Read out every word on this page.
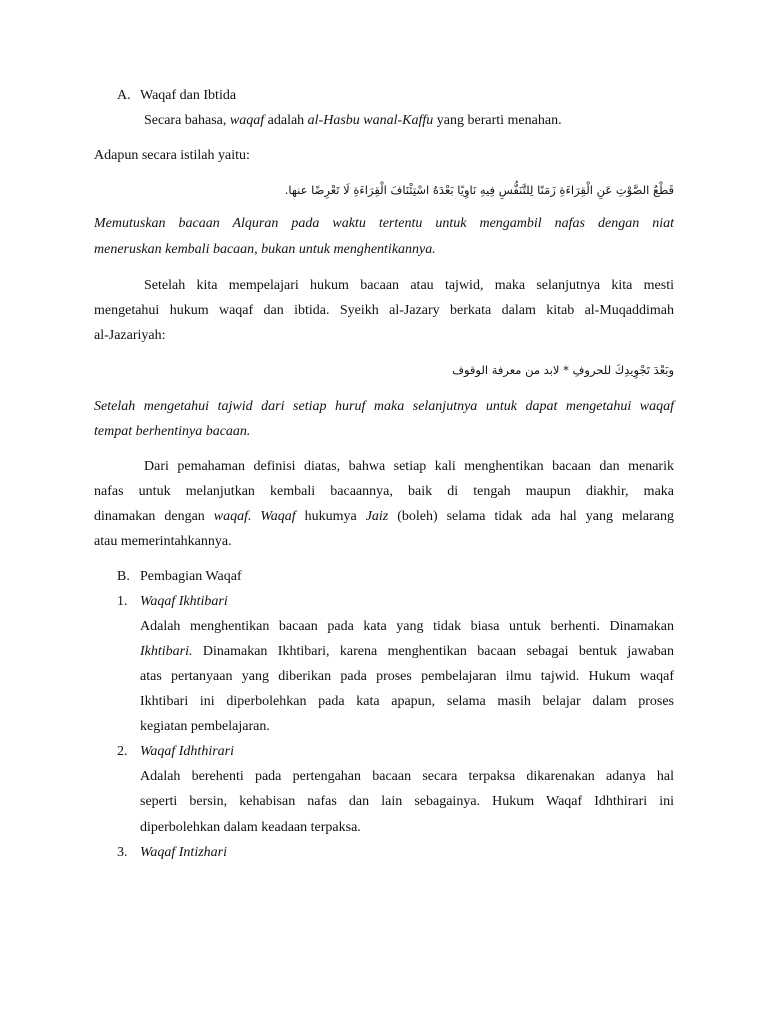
A. Waqaf dan Ibtida
Secara bahasa, waqaf adalah al-Hasbu wanal-Kaffu yang berarti menahan.
Adapun secara istilah yaitu:
قَطْعُ الصَّوْتِ عَنِ الْقِرَاءَةِ زَمَنًا لِلتَّنَفُّسِ فِيهِ نَاوِيًا بَعْدَهُ اسْتِئْنَافَ الْقِرَاءَةِ لَا تَعْرِضًا عنها.
Memutuskan bacaan Alquran pada waktu tertentu untuk mengambil nafas dengan niat
meneruskan kembali bacaan, bukan untuk menghentikannya.
Setelah kita mempelajari hukum bacaan atau tajwid, maka selanjutnya kita mesti
mengetahui hukum waqaf dan ibtida. Syeikh al-Jazary berkata dalam kitab al-Muqaddimah
al-Jazariyah:
وبَعْدَ تَجْوِيدِكَ للحروفِ * لابد من معرفة الوقوف
Setelah mengetahui tajwid dari setiap huruf maka selanjutnya untuk dapat mengetahui waqaf
tempat berhentinya bacaan.
Dari pemahaman definisi diatas, bahwa setiap kali menghentikan bacaan dan menarik
nafas untuk melanjutkan kembali bacaannya, baik di tengah maupun diakhir, maka
dinamakan dengan waqaf. Waqaf hukumya Jaiz (boleh) selama tidak ada hal yang melarang
atau memerintahkannya.
B. Pembagian Waqaf
1. Waqaf Ikhtibari
Adalah menghentikan bacaan pada kata yang tidak biasa untuk berhenti. Dinamakan
Ikhtibari. Dinamakan Ikhtibari, karena menghentikan bacaan sebagai bentuk jawaban
atas pertanyaan yang diberikan pada proses pembelajaran ilmu tajwid. Hukum waqaf
Ikhtibari ini diperbolehkan pada kata apapun, selama masih belajar dalam proses
kegiatan pembelajaran.
2. Waqaf Idhthirari
Adalah berehenti pada pertengahan bacaan secara terpaksa dikarenakan adanya hal
seperti bersin, kehabisan nafas dan lain sebagainya. Hukum Waqaf Idhthirari ini
diperbolehkan dalam keadaan terpaksa.
3. Waqaf Intizhari
